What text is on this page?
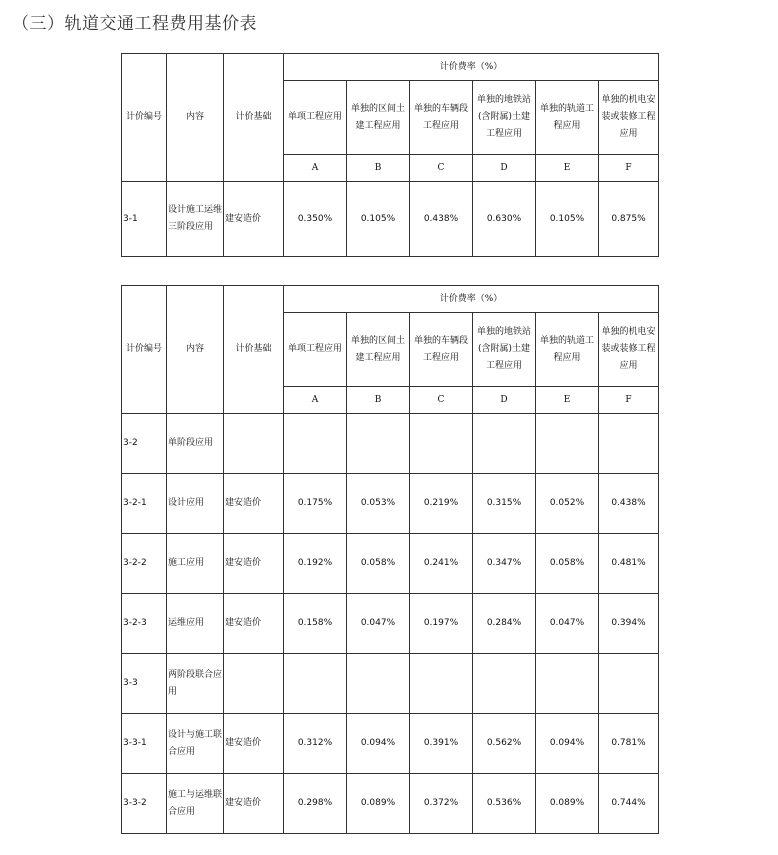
（三）轨道交通工程费用基价表
计价编号	内容	计价基础	计价费率（%）					
			单项工程应用	单独的区间土建工程应用	单独的车辆段工程应用	单独的地铁站(含附属)土建工程应用	单独的轨道工程应用	单独的机电安装或装修工程应用
			A	B	C	D	E	F
3-1	设计施工运维三阶段应用	建安造价	0.350%	0.105%	0.438%	0.630%	0.105%	0.875%
计价编号	内容	计价基础	计价费率（%）					
			单项工程应用	单独的区间土建工程应用	单独的车辆段工程应用	单独的地铁站(含附属)土建工程应用	单独的轨道工程应用	单独的机电安装或装修工程应用
			A	B	C	D	E	F
3-2	单阶段应用							
3-2-1	设计应用	建安造价	0.175%	0.053%	0.219%	0.315%	0.052%	0.438%
3-2-2	施工应用	建安造价	0.192%	0.058%	0.241%	0.347%	0.058%	0.481%
3-2-3	运维应用	建安造价	0.158%	0.047%	0.197%	0.284%	0.047%	0.394%
3-3	两阶段联合应用							
3-3-1	设计与施工联合应用	建安造价	0.312%	0.094%	0.391%	0.562%	0.094%	0.781%
3-3-2	施工与运维联合应用	建安造价	0.298%	0.089%	0.372%	0.536%	0.089%	0.744%
